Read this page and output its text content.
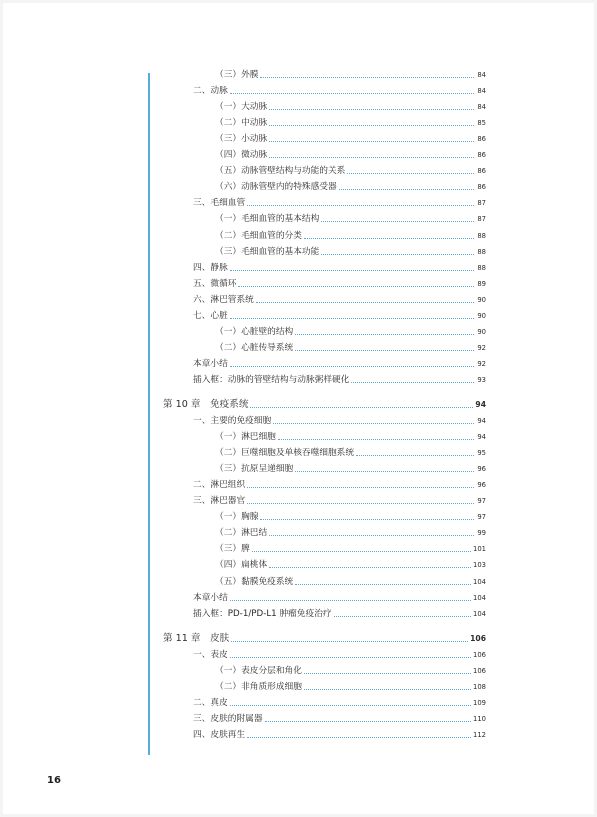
（三）外膜	84
二、动脉	84
（一）大动脉	84
（二）中动脉	85
（三）小动脉	86
（四）微动脉	86
（五）动脉管壁结构与功能的关系	86
（六）动脉管壁内的特殊感受器	86
三、毛细血管	87
（一）毛细血管的基本结构	87
（二）毛细血管的分类	88
（三）毛细血管的基本功能	88
四、静脉	88
五、微循环	89
六、淋巴管系统	90
七、心脏	90
（一）心脏壁的结构	90
（二）心脏传导系统	92
本章小结	92
插入框：动脉的管壁结构与动脉粥样硬化	93
第 10 章　免疫系统	94
一、主要的免疫细胞	94
（一）淋巴细胞	94
（二）巨噬细胞及单核吞噬细胞系统	95
（三）抗原呈递细胞	96
二、淋巴组织	96
三、淋巴器官	97
（一）胸腺	97
（二）淋巴结	99
（三）脾	101
（四）扁桃体	103
（五）黏膜免疫系统	104
本章小结	104
插入框：PD-1/PD-L1 肿瘤免疫治疗	104
第 11 章　皮肤	106
一、表皮	106
（一）表皮分层和角化	106
（二）非角质形成细胞	108
二、真皮	109
三、皮肤的附属器	110
四、皮肤再生	112
16
